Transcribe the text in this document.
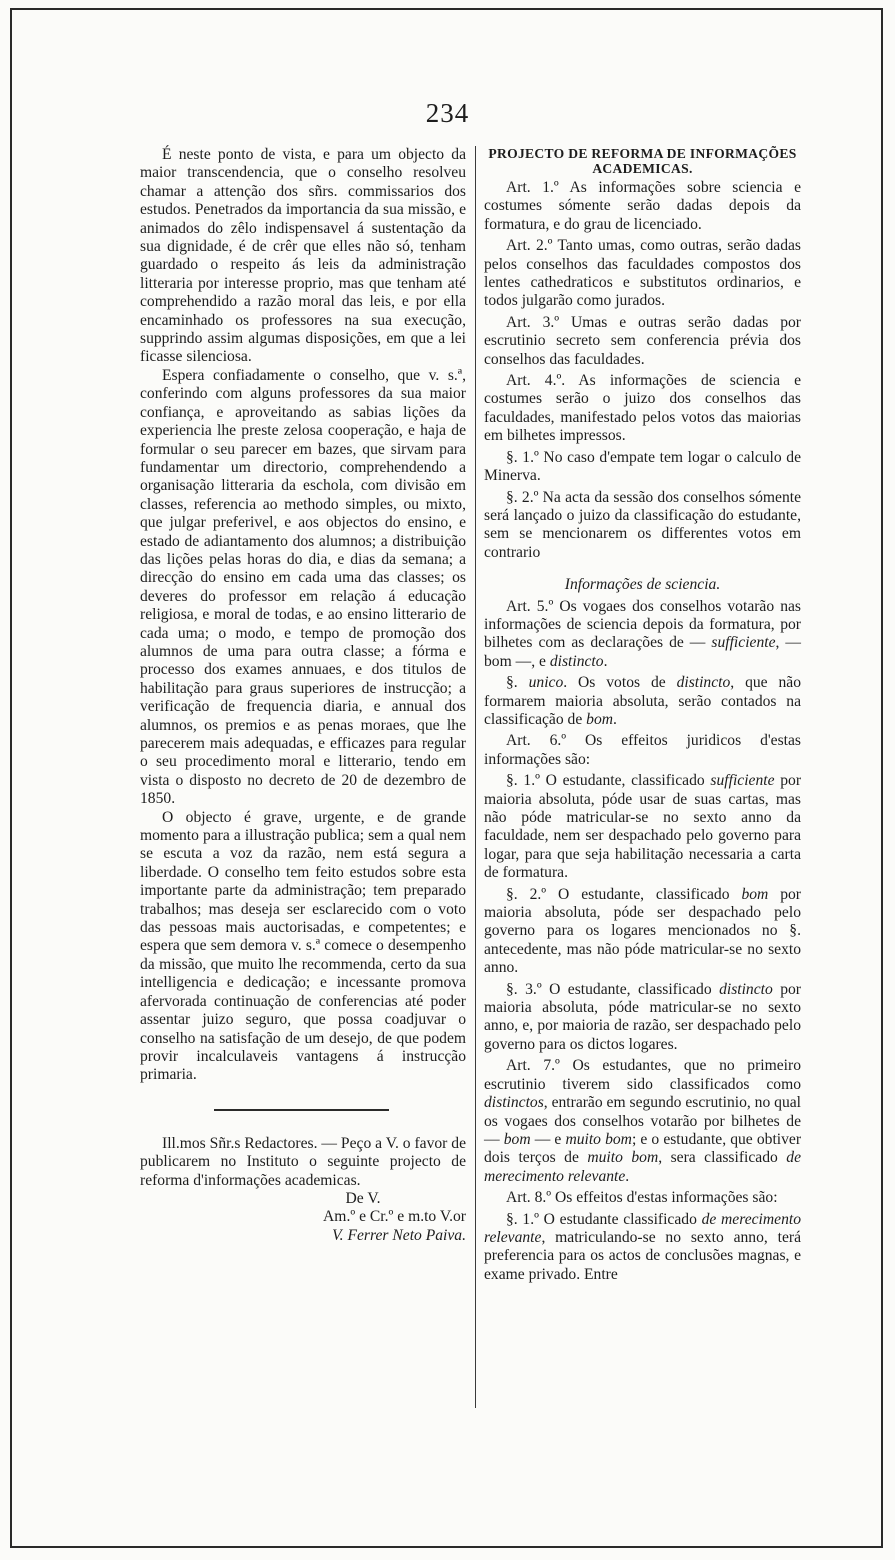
234

É neste ponto de vista, e para um objecto da maior transcendencia, que o conselho resolveu chamar a attenção dos sñrs. commissarios dos estudos. Penetrados da importancia da sua missão, e animados do zêlo indispensavel á sustentação da sua dignidade, é de crêr que elles não só, tenham guardado o respeito ás leis da administração litteraria por interesse proprio, mas que tenham até comprehendido a razão moral das leis, e por ella encaminhado os professores na sua execução, supprindo assim algumas disposições, em que a lei ficasse silenciosa.

Espera confiadamente o conselho, que v. s.ª, conferindo com alguns professores da sua maior confiança, e aproveitando as sabias lições da experiencia lhe preste zelosa cooperação, e haja de formular o seu parecer em bazes, que sirvam para fundamentar um directorio, comprehendendo a organisação litteraria da eschola, com divisão em classes, referencia ao methodo simples, ou mixto, que julgar preferivel, e aos objectos do ensino, e estado de adiantamento dos alumnos; a distribuição das lições pelas horas do dia, e dias da semana; a direcção do ensino em cada uma das classes; os deveres do professor em relação á educação religiosa, e moral de todas, e ao ensino litterario de cada uma; o modo, e tempo de promoção dos alumnos de uma para outra classe; a fórma e processo dos exames annuaes, e dos titulos de habilitação para graus superiores de instrucção; a verificação de frequencia diaria, e annual dos alumnos, os premios e as penas moraes, que lhe parecerem mais adequadas, e efficazes para regular o seu procedimento moral e litterario, tendo em vista o disposto no decreto de 20 de dezembro de 1850.

O objecto é grave, urgente, e de grande momento para a illustração publica; sem a qual nem se escuta a voz da razão, nem está segura a liberdade. O conselho tem feito estudos sobre esta importante parte da administração; tem preparado trabalhos; mas deseja ser esclarecido com o voto das pessoas mais auctorisadas, e competentes; e espera que sem demora v. s.ª comece o desempenho da missão, que muito lhe recommenda, certo da sua intelligencia e dedicação; e incessante promova afervorada continuação de conferencias até poder assentar juizo seguro, que possa coadjuvar o conselho na satisfação de um desejo, de que podem provir incalculaveis vantagens á instrucção primaria.

Ill.mos Sñr.s Redactores. — Peço a V. o favor de publicarem no Instituto o seguinte projecto de reforma d'informações academicas.

De V.

Am.º e Cr.º e m.to V.or

V. Ferrer Neto Paiva.

PROJECTO DE REFORMA DE INFORMAÇÕES ACADEMICAS.

Art. 1.º As informações sobre sciencia e costumes sómente serão dadas depois da formatura, e do grau de licenciado.

Art. 2.º Tanto umas, como outras, serão dadas pelos conselhos das faculdades compostos dos lentes cathedraticos e substitutos ordinarios, e todos julgarão como jurados.

Art. 3.º Umas e outras serão dadas por escrutinio secreto sem conferencia prévia dos conselhos das faculdades.

Art. 4.º. As informações de sciencia e costumes serão o juizo dos conselhos das faculdades, manifestado pelos votos das maiorias em bilhetes impressos.

§. 1.º No caso d'empate tem logar o calculo de Minerva.

§. 2.º Na acta da sessão dos conselhos sómente será lançado o juizo da classificação do estudante, sem se mencionarem os differentes votos em contrario

Informações de sciencia.

Art. 5.º Os vogaes dos conselhos votarão nas informações de sciencia depois da formatura, por bilhetes com as declarações de — sufficiente, — bom —, e distincto.

§. unico. Os votos de distincto, que não formarem maioria absoluta, serão contados na classificação de bom.

Art. 6.º Os effeitos juridicos d'estas informações são:

§. 1.º O estudante, classificado sufficiente por maioria absoluta, póde usar de suas cartas, mas não póde matricular-se no sexto anno da faculdade, nem ser despachado pelo governo para logar, para que seja habilitação necessaria a carta de formatura.

§. 2.º O estudante, classificado bom por maioria absoluta, póde ser despachado pelo governo para os logares mencionados no §. antecedente, mas não póde matricular-se no sexto anno.

§. 3.º O estudante, classificado distincto por maioria absoluta, póde matricular-se no sexto anno, e, por maioria de razão, ser despachado pelo governo para os dictos logares.

Art. 7.º Os estudantes, que no primeiro escrutinio tiverem sido classificados como distinctos, entrarão em segundo escrutinio, no qual os vogaes dos conselhos votarão por bilhetes de — bom — e muito bom; e o estudante, que obtiver dois terços de muito bom, sera classificado de merecimento relevante.

Art. 8.º Os effeitos d'estas informações são:

§. 1.º O estudante classificado de merecimento relevante, matriculando-se no sexto anno, terá preferencia para os actos de conclusões magnas, e exame privado. Entre
